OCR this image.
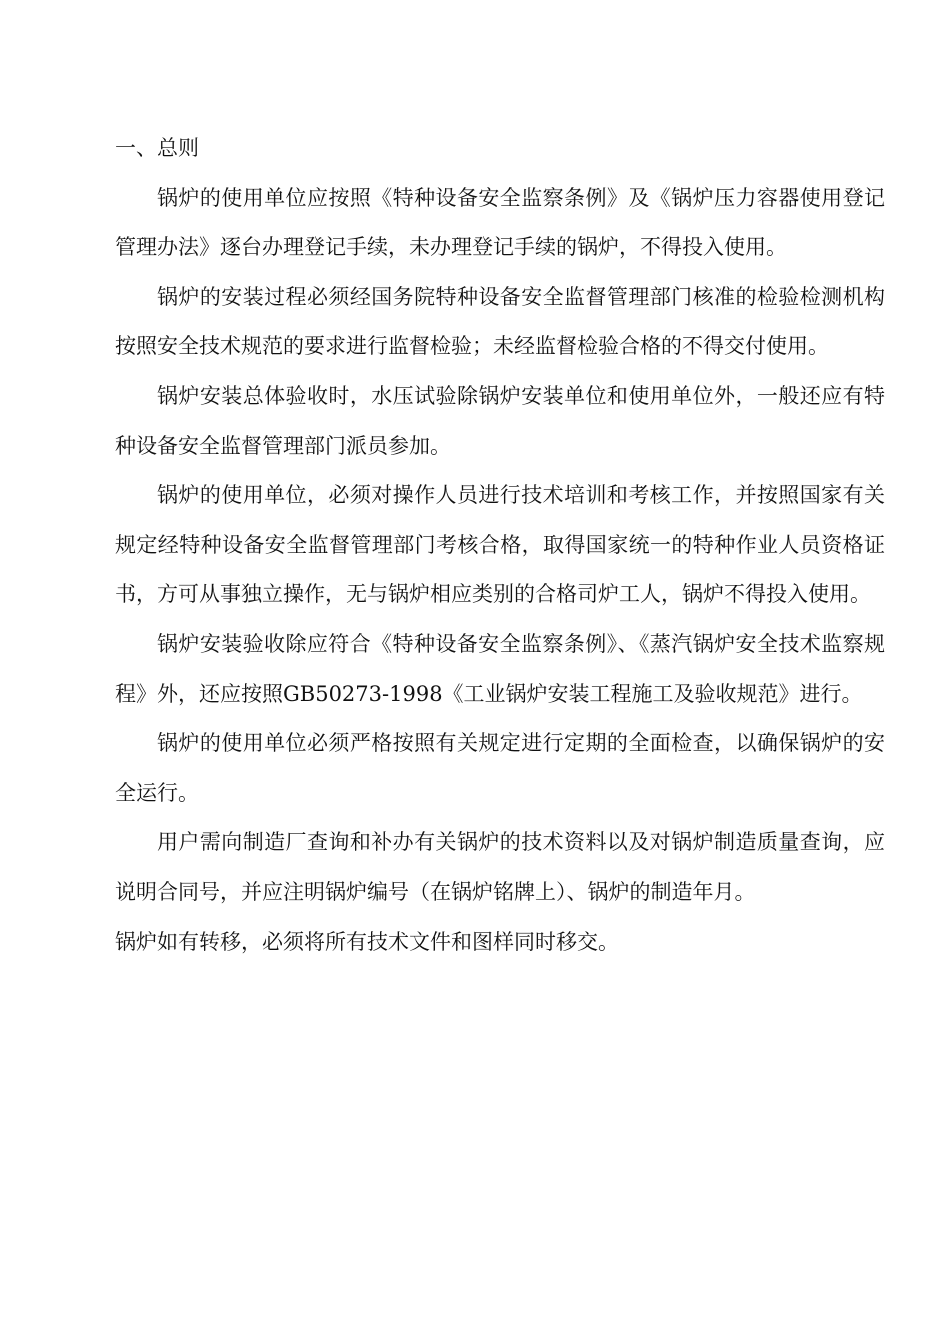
一、总则

锅炉的使用单位应按照《特种设备安全监察条例》及《锅炉压力容器使用登记管理办法》逐台办理登记手续，未办理登记手续的锅炉，不得投入使用。

锅炉的安装过程必须经国务院特种设备安全监督管理部门核准的检验检测机构按照安全技术规范的要求进行监督检验；未经监督检验合格的不得交付使用。

锅炉安装总体验收时，水压试验除锅炉安装单位和使用单位外，一般还应有特种设备安全监督管理部门派员参加。

锅炉的使用单位，必须对操作人员进行技术培训和考核工作，并按照国家有关规定经特种设备安全监督管理部门考核合格，取得国家统一的特种作业人员资格证书，方可从事独立操作，无与锅炉相应类别的合格司炉工人，锅炉不得投入使用。

锅炉安装验收除应符合《特种设备安全监察条例》、《蒸汽锅炉安全技术监察规程》外，还应按照GB50273-1998《工业锅炉安装工程施工及验收规范》进行。

锅炉的使用单位必须严格按照有关规定进行定期的全面检查，以确保锅炉的安全运行。

用户需向制造厂查询和补办有关锅炉的技术资料以及对锅炉制造质量查询，应说明合同号，并应注明锅炉编号（在锅炉铭牌上）、锅炉的制造年月。

锅炉如有转移，必须将所有技术文件和图样同时移交。
